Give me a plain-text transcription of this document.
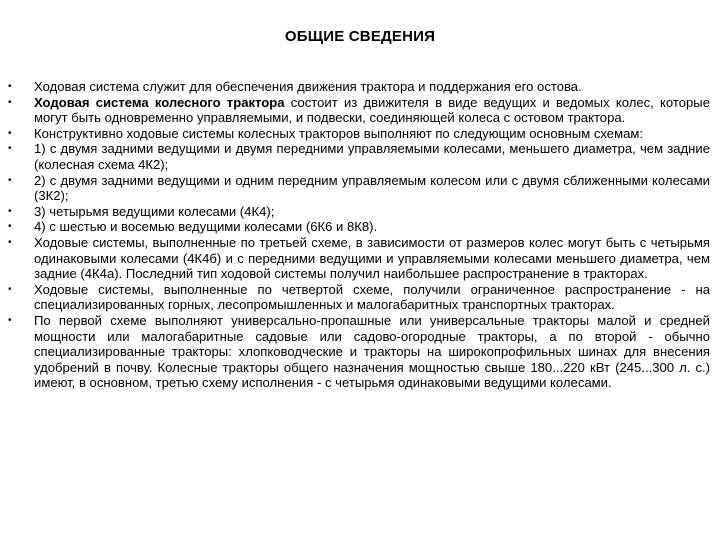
ОБЩИЕ СВЕДЕНИЯ
• Ходовая система служит для обеспечения движения трактора и поддержания его остова.
• Ходовая система колесного трактора состоит из движителя в виде ведущих и ведомых колес, которые могут быть одновременно управляемыми, и подвески, соединяющей колеса с остовом трактора.
• Конструктивно ходовые системы колесных тракторов выполняют по следующим основным схемам:
• 1) с двумя задними ведущими и двумя передними управляемыми колесами, меньшего диаметра, чем задние (колесная схема 4К2);
• 2) с двумя задними ведущими и одним передним управляемым колесом или с двумя сближенными колесами (3К2);
• 3) четырьмя ведущими колесами (4К4);
• 4) с шестью и восемью ведущими колесами (6К6 и 8К8).
• Ходовые системы, выполненные по третьей схеме, в зависимости от размеров колес могут быть с четырьмя одинаковыми колесами (4К4б) и с передними ведущими и управляемыми колесами меньшего диаметра, чем задние (4К4а). Последний тип ходовой системы получил наибольшее распространение в тракторах.
• Ходовые системы, выполненные по четвертой схеме, получили ограниченное распространение - на специализированных горных, лесопромышленных и малогабаритных транспортных тракторах.
• По первой схеме выполняют универсально-пропашные или универсальные тракторы малой и средней мощности или малогабаритные садовые или садово-огородные тракторы, а по второй - обычно специализированные тракторы: хлопководческие и тракторы на широкопрофильных шинах для внесения удобрений в почву. Колесные тракторы общего назначения мощностью свыше 180...220 кВт (245...300 л. с.) имеют, в основном, третью схему исполнения - с четырьмя одинаковыми ведущими колесами.
